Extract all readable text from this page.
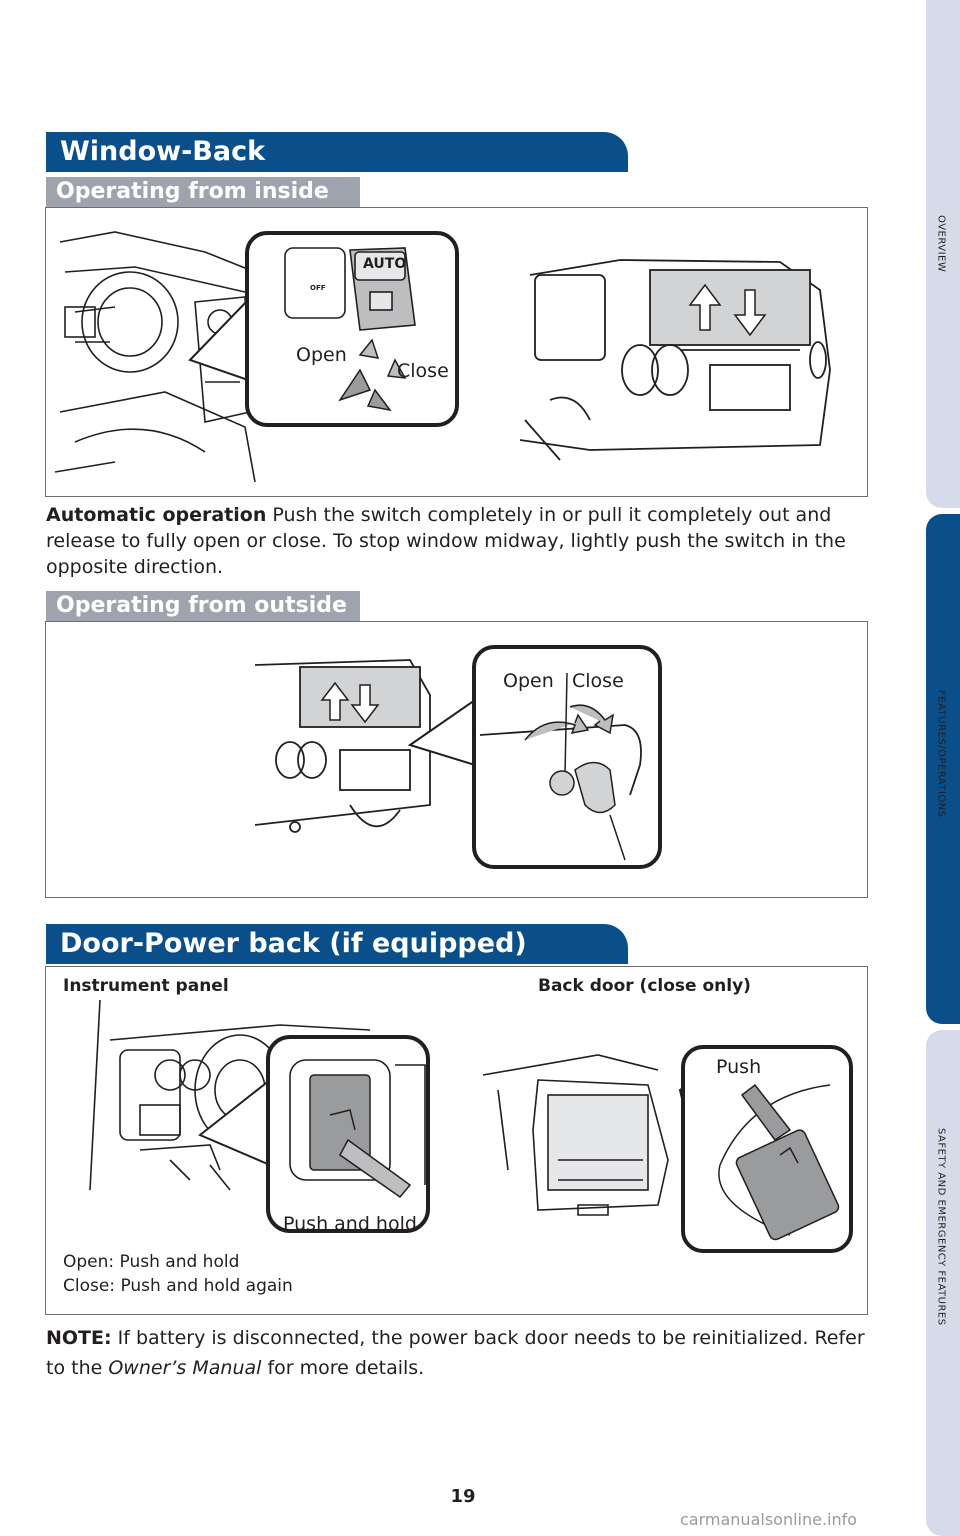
OVERVIEW
FEATURES/OPERATIONS
SAFETY AND EMERGENCY FEATURES
Window-Back
Operating from inside
AUTO
OFF
Open
Close
Automatic operation Push the switch completely in or pull it completely out and release to fully open or close. To stop window midway, lightly push the switch in the opposite direction.
Operating from outside
Open Close
Door-Power back (if equipped)
Instrument panel	Back door (close only)
Push and hold
Push
Open: Push and hold
Close: Push and hold again
NOTE: If battery is disconnected, the power back door needs to be reinitialized. Refer to the Owner’s Manual for more details.
19
carmanualsonline.info
